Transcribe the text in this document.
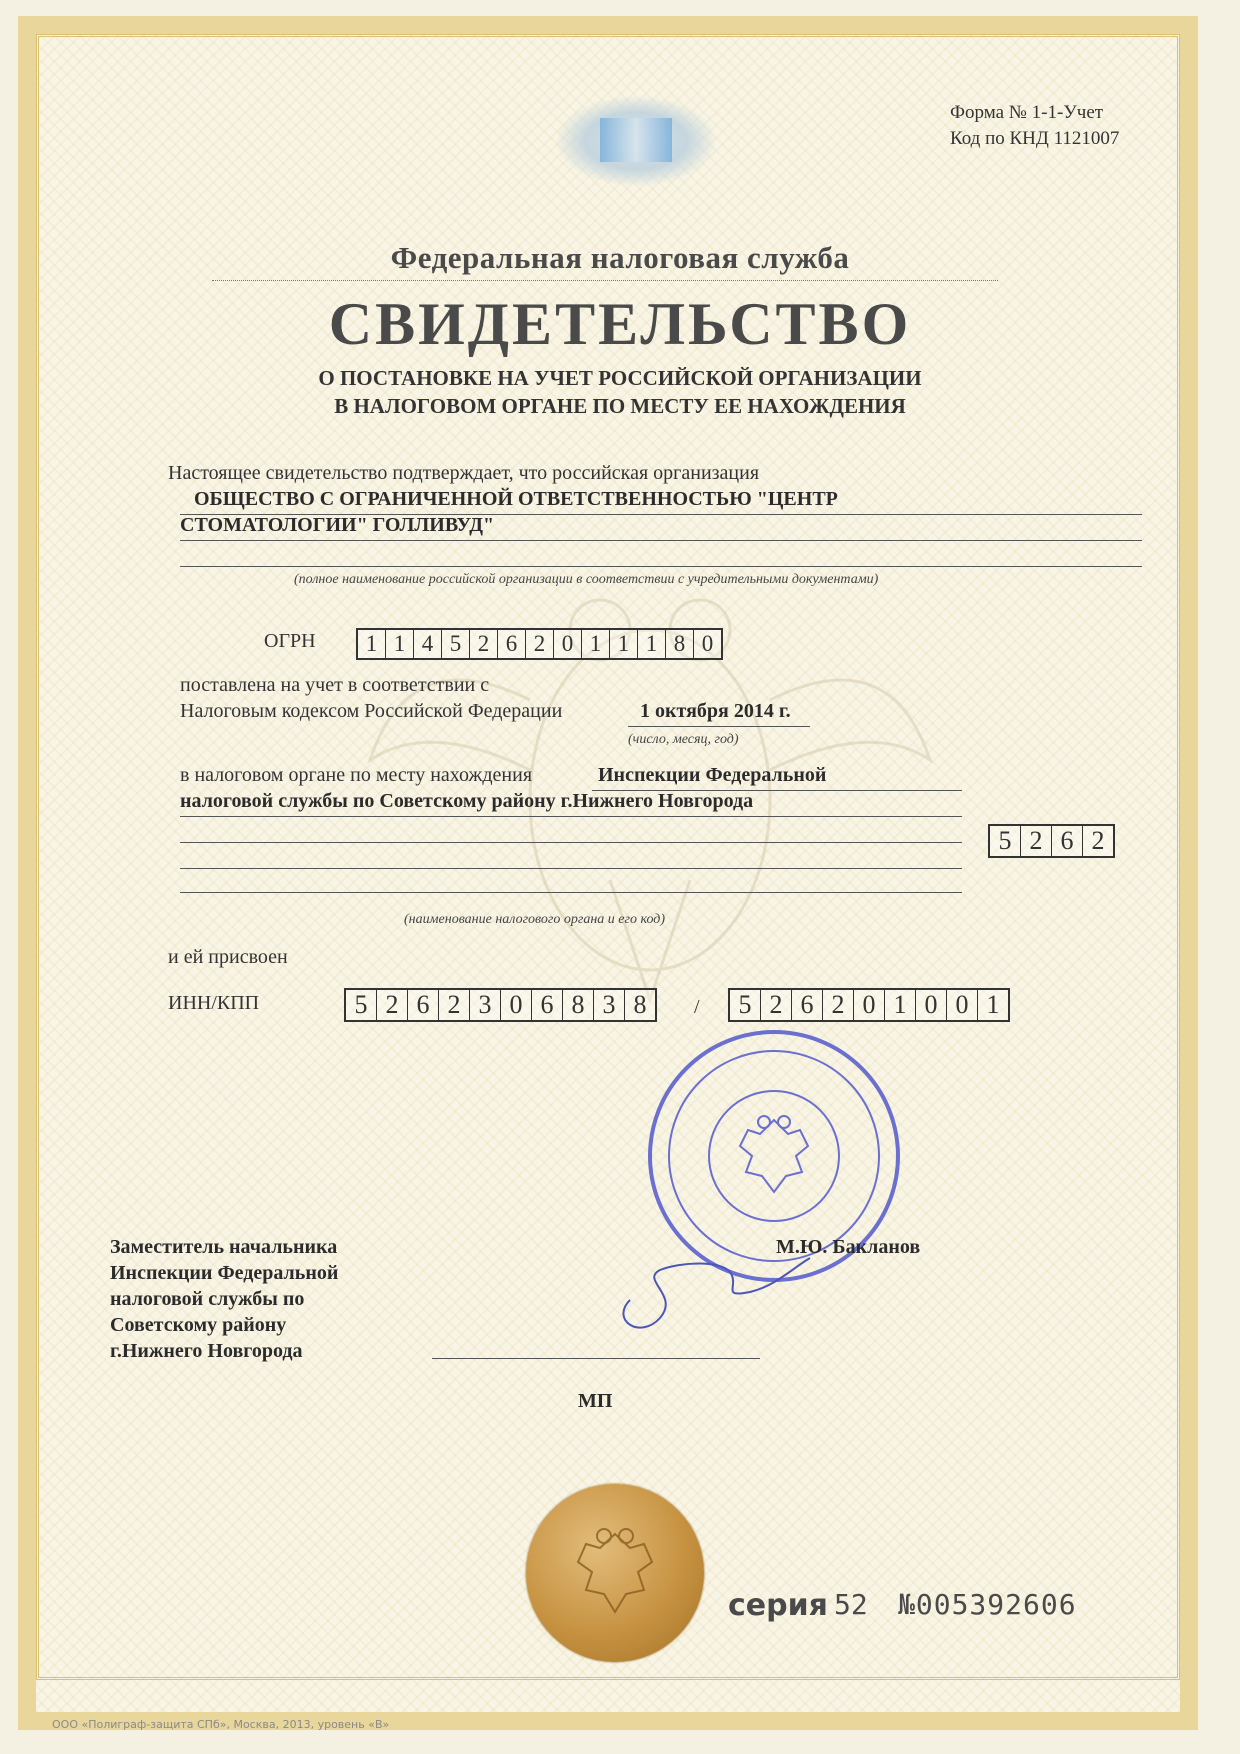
Форма № 1-1-Учет
Код по КНД 1121007
Федеральная налоговая служба
СВИДЕТЕЛЬСТВО
О ПОСТАНОВКЕ НА УЧЕТ РОССИЙСКОЙ ОРГАНИЗАЦИИ
В НАЛОГОВОМ ОРГАНЕ ПО МЕСТУ ЕЕ НАХОЖДЕНИЯ
Настоящее свидетельство подтверждает, что российская организация
ОБЩЕСТВО С ОГРАНИЧЕННОЙ ОТВЕТСТВЕННОСТЬЮ "ЦЕНТР
СТОМАТОЛОГИИ" ГОЛЛИВУД"
(полное наименование российской организации в соответствии с учредительными документами)
ОГРН	1 1 4 5 2 6 2 0 1 1 1 8 0
поставлена на учет в соответствии с
Налоговым кодексом Российской Федерации	1 октября 2014 г.
(число, месяц, год)
в налоговом органе по месту нахождения	Инспекции Федеральной
налоговой службы по Советскому району г.Нижнего Новгорода
5 2 6 2
(наименование налогового органа и его код)
и ей присвоен
ИНН/КПП	5 2 6 2 3 0 6 8 3 8	/	5 2 6 2 0 1 0 0 1
Заместитель начальника
Инспекции Федеральной
налоговой службы по
Советскому району
г.Нижнего Новгорода
М.Ю. Бакланов
МП
серия 52 №005392606
ООО «Полиграф-защита СПб», Москва, 2013, уровень «В»
